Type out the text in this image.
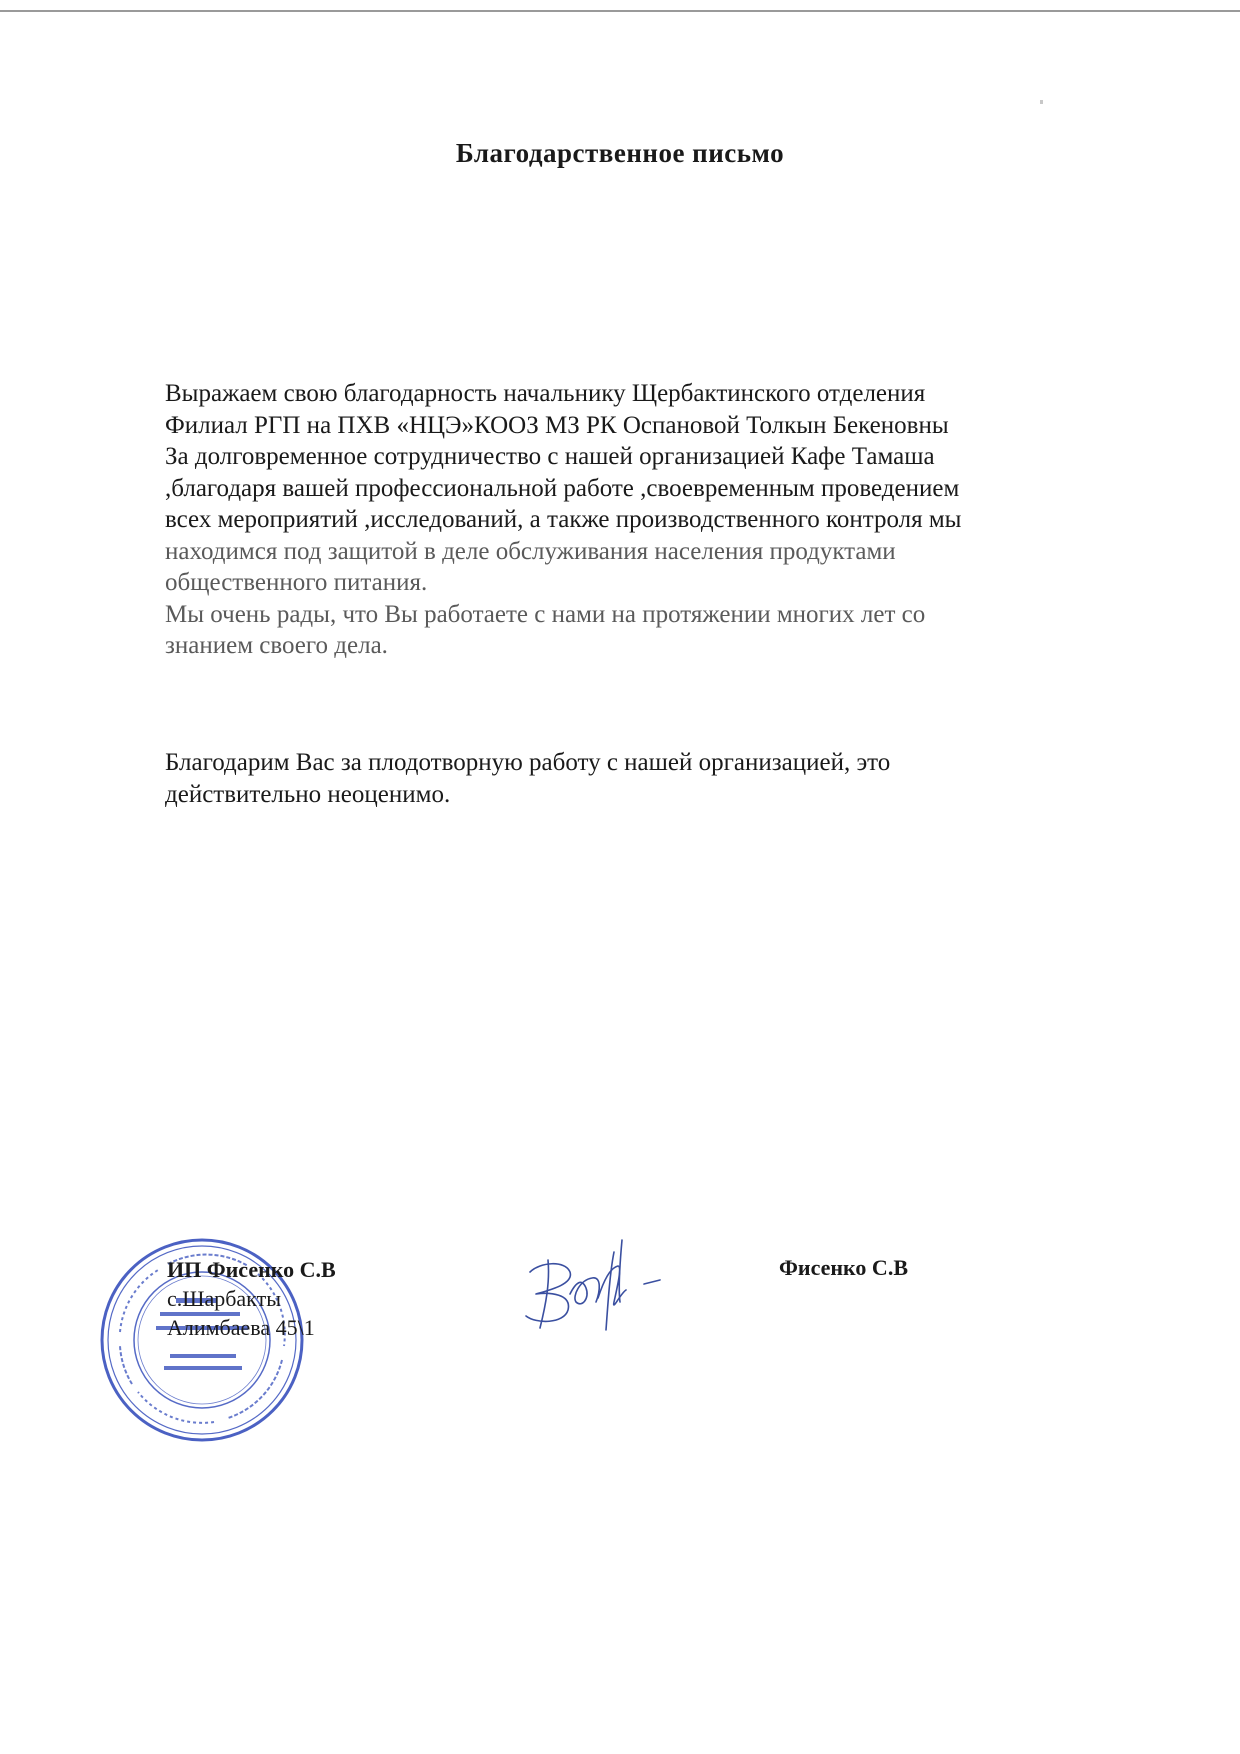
Благодарственное письмо
Выражаем свою благодарность начальнику Щербактинского отделения
Филиал РГП на ПХВ «НЦЭ»КООЗ МЗ РК Оспановой Толкын Бекеновны
За долговременное сотрудничество с нашей организацией Кафе Тамаша
,благодаря вашей профессиональной работе ,своевременным проведением
всех мероприятий ,исследований, а также производственного контроля мы
находимся под защитой в деле обслуживания населения продуктами
общественного питания.
Мы очень рады, что Вы работаете с нами на протяжении многих лет со
знанием своего дела.
Благодарим Вас за плодотворную работу с нашей организацией, это
действительно неоценимо.
ИП Фисенко С.В
с.Шарбакты
Алимбаева 45\1
Фисенко С.В
